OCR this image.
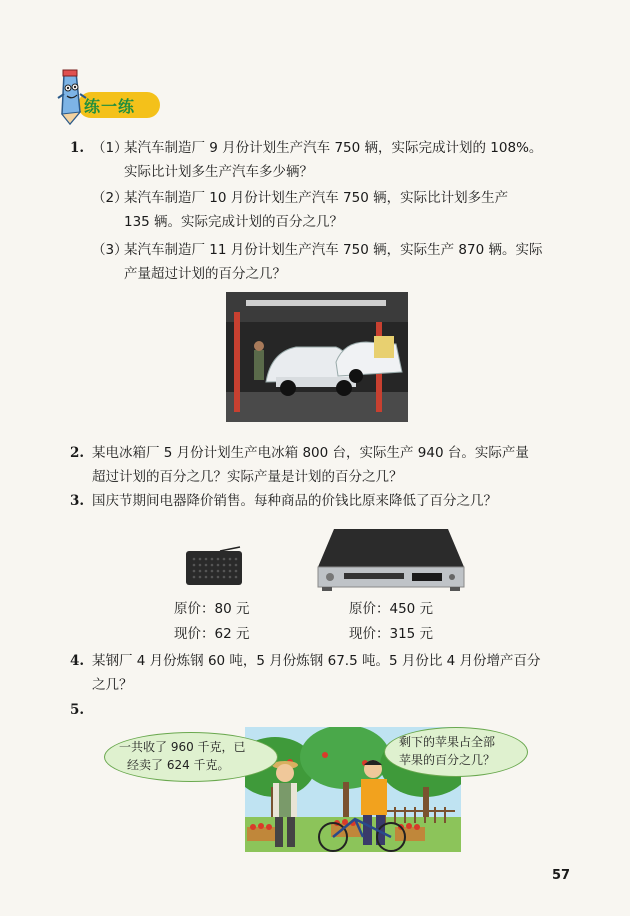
练一练
1. （1）
某汽车制造厂 9 月份计划生产汽车 750 辆，实际完成计划的 108%。
实际比计划多生产汽车多少辆？
（2）
某汽车制造厂 10 月份计划生产汽车 750 辆，实际比计划多生产
135 辆。实际完成计划的百分之几？
（3）
某汽车制造厂 11 月份计划生产汽车 750 辆，实际生产 870 辆。实际
产量超过计划的百分之几？
2. 某电冰箱厂 5 月份计划生产电冰箱 800 台，实际生产 940 台。实际产量
超过计划的百分之几？实际产量是计划的百分之几？
3. 国庆节期间电器降价销售。每种商品的价钱比原来降低了百分之几？
原价：80 元
现价：62 元
原价：450 元
现价：315 元
4. 某钢厂 4 月份炼钢 60 吨，5 月份炼钢 67.5 吨。5 月份比 4 月份增产百分
之几？
5.
一共收了 960 千克，已
经卖了 624 千克。
剩下的苹果占全部
苹果的百分之几？
57
